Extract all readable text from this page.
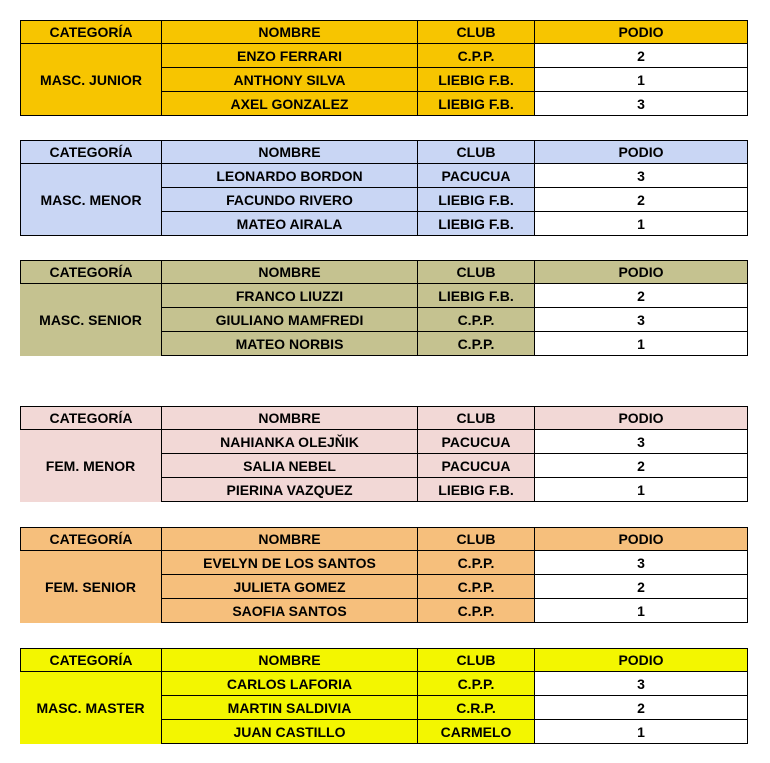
CATEGORÍA	NOMBRE	CLUB	PODIO
MASC. JUNIOR
ENZO FERRARI	C.P.P.	2
ANTHONY SILVA	LIEBIG F.B.	1
AXEL GONZALEZ	LIEBIG F.B.	3
CATEGORÍA	NOMBRE	CLUB	PODIO
MASC. MENOR
LEONARDO BORDON	PACUCUA	3
FACUNDO RIVERO	LIEBIG F.B.	2
MATEO AIRALA	LIEBIG F.B.	1
CATEGORÍA	NOMBRE	CLUB	PODIO
MASC. SENIOR
FRANCO LIUZZI	LIEBIG F.B.	2
GIULIANO MAMFREDI	C.P.P.	3
MATEO NORBIS	C.P.P.	1
CATEGORÍA	NOMBRE	CLUB	PODIO
FEM. MENOR
NAHIANKA OLEJŇIK	PACUCUA	3
SALIA NEBEL	PACUCUA	2
PIERINA VAZQUEZ	LIEBIG F.B.	1
CATEGORÍA	NOMBRE	CLUB	PODIO
FEM. SENIOR
EVELYN DE LOS SANTOS	C.P.P.	3
JULIETA GOMEZ	C.P.P.	2
SAOFIA SANTOS	C.P.P.	1
CATEGORÍA	NOMBRE	CLUB	PODIO
MASC. MASTER
CARLOS LAFORIA	C.P.P.	3
MARTIN SALDIVIA	C.R.P.	2
JUAN CASTILLO	CARMELO	1
